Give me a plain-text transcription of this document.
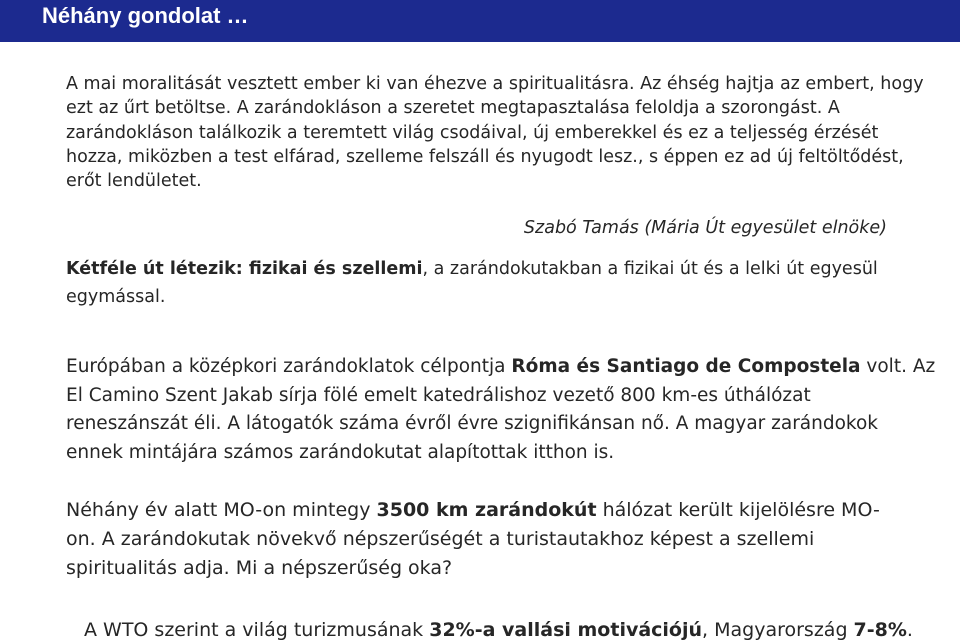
Néhány gondolat …

A mai moralitását vesztett ember ki van éhezve a spiritualitásra. Az éhség hajtja az embert, hogy ezt az űrt betöltse. A zarándokláson a szeretet megtapasztalása feloldja a szorongást. A zarándokláson találkozik a teremtett világ csodáival, új emberekkel és ez a teljesség érzését hozza, miközben a test elfárad, szelleme felszáll és nyugodt lesz., s éppen ez ad új feltöltődést, erőt lendületet.

Szabó Tamás (Mária Út egyesület elnöke)

Kétféle út létezik: fizikai és szellemi, a zarándokutakban a fizikai út és a lelki út egyesül egymással.

Európában a középkori zarándoklatok célpontja Róma és Santiago de Compostela volt. Az El Camino Szent Jakab sírja fölé emelt katedrálishoz vezető 800 km-es úthálózat reneszánszát éli. A látogatók száma évről évre szignifikánsan nő. A magyar zarándokok ennek mintájára számos zarándokutat alapítottak itthon is.

Néhány év alatt MO-on mintegy 3500 km zarándokút hálózat került kijelölésre MO-on. A zarándokutak növekvő népszerűségét a turistautakhoz képest a szellemi spiritualitás adja. Mi a népszerűség oka?

A WTO szerint a világ turizmusának 32%-a vallási motivációjú, Magyarország 7-8%.
